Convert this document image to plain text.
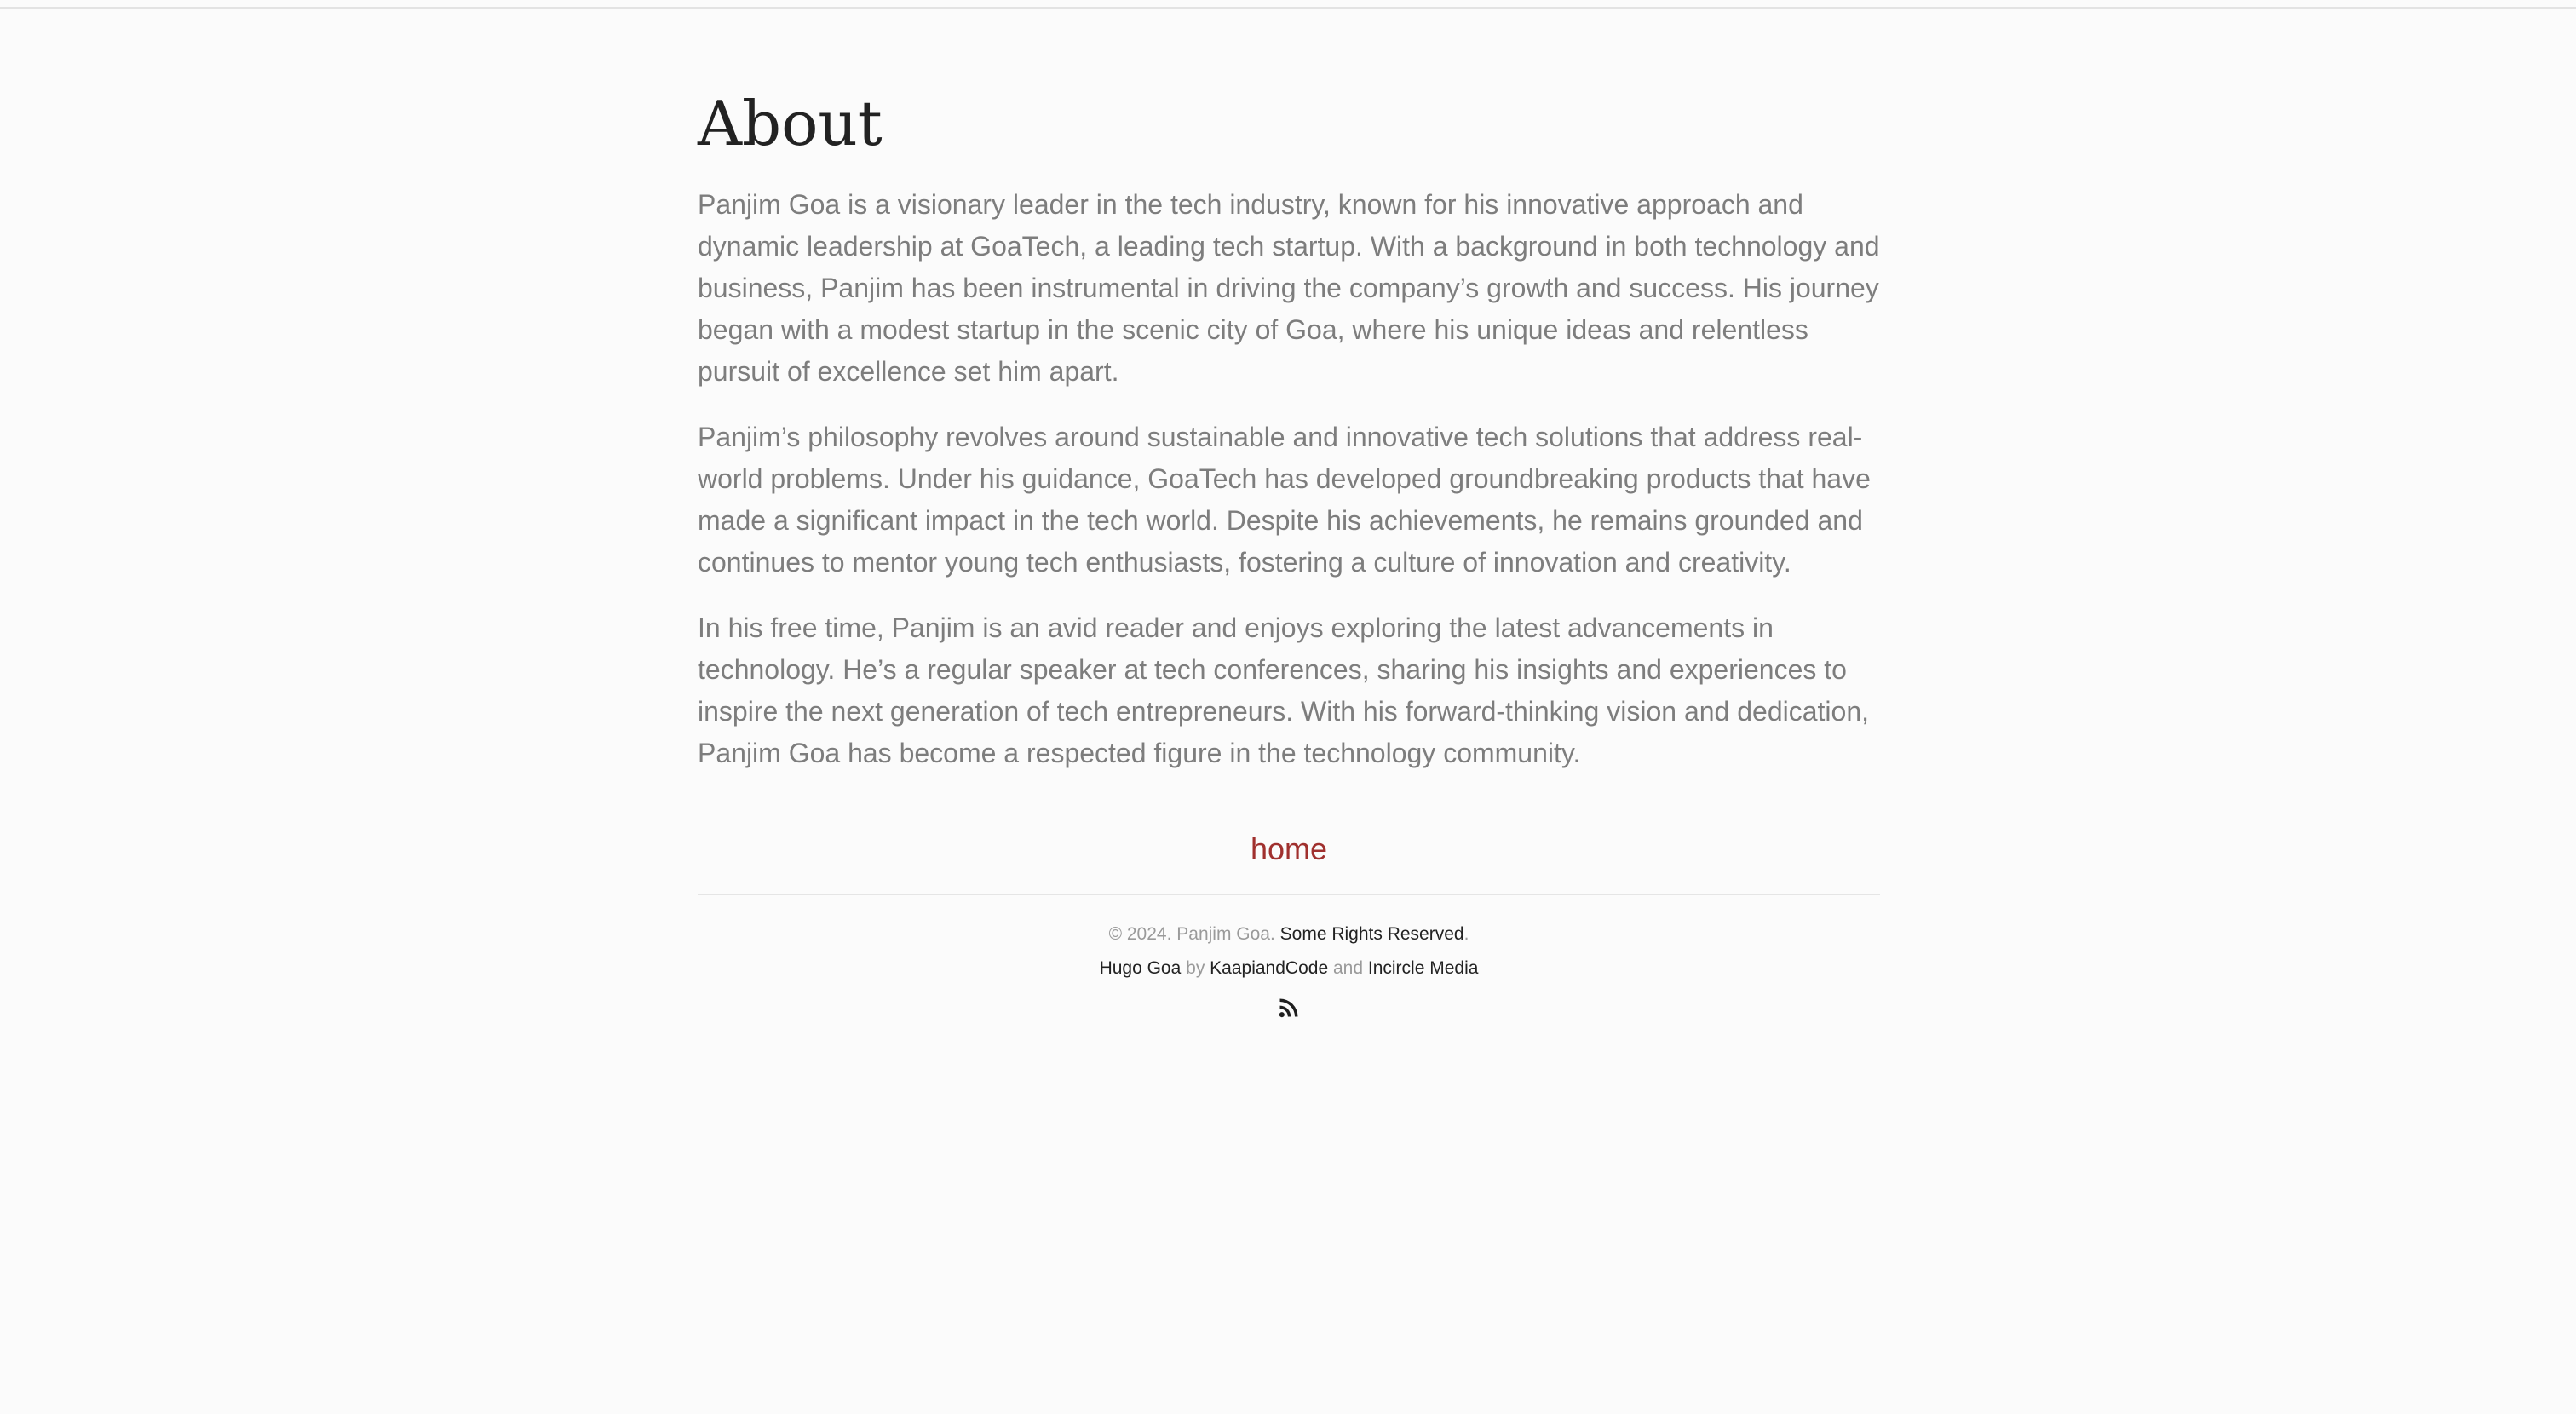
About

Panjim Goa is a visionary leader in the tech industry, known for his innovative approach and dynamic leadership at GoaTech, a leading tech startup. With a background in both technology and business, Panjim has been instrumental in driving the company’s growth and success. His journey began with a modest startup in the scenic city of Goa, where his unique ideas and relentless pursuit of excellence set him apart.

Panjim’s philosophy revolves around sustainable and innovative tech solutions that address real-world problems. Under his guidance, GoaTech has developed groundbreaking products that have made a significant impact in the tech world. Despite his achievements, he remains grounded and continues to mentor young tech enthusiasts, fostering a culture of innovation and creativity.

In his free time, Panjim is an avid reader and enjoys exploring the latest advancements in technology. He’s a regular speaker at tech conferences, sharing his insights and experiences to inspire the next generation of tech entrepreneurs. With his forward-thinking vision and dedication, Panjim Goa has become a respected figure in the technology community.

home
© 2024. Panjim Goa. Some Rights Reserved.
Hugo Goa by KaapiandCode and Incircle Media
